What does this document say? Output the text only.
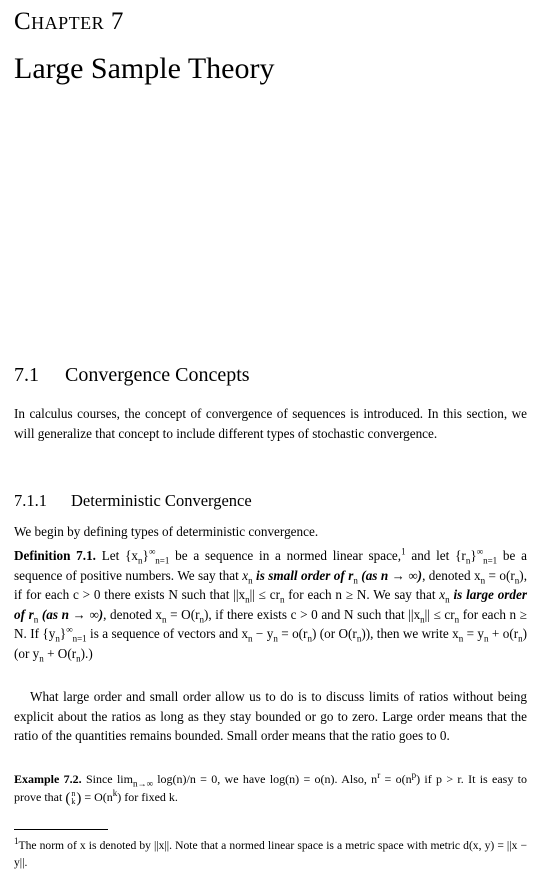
Chapter 7
Large Sample Theory
7.1 Convergence Concepts
In calculus courses, the concept of convergence of sequences is introduced. In this section, we will generalize that concept to include different types of stochastic convergence.
7.1.1 Deterministic Convergence
We begin by defining types of deterministic convergence.
Definition 7.1. Let $\{x_n\}^\infty_{n=1}$ be a sequence in a normed linear space,$^1$ and let $\{r_n\}^\infty_{n=1}$ be a sequence of positive numbers. We say that $x_n$ is small order of $r_n$ (as n → ∞), denoted $x_n = o(r_n)$, if for each c > 0 there exists N such that $||x_n|| \le cr_n$ for each n ≥ N. We say that $x_n$ is large order of $r_n$ (as n → ∞), denoted $x_n = O(r_n)$, if there exists c > 0 and N such that $||x_n|| \le cr_n$ for each n ≥ N. If $\{y_n\}^\infty_{n=1}$ is a sequence of vectors and $x_n - y_n = o(r_n)$ (or $O(r_n)$), then we write $x_n = y_n + o(r_n)$ (or $y_n + O(r_n)$.)
What large order and small order allow us to do is to discuss limits of ratios without being explicit about the ratios as long as they stay bounded or go to zero. Large order means that the ratio of the quantities remains bounded. Small order means that the ratio goes to 0.
Example 7.2. Since $\lim_{n\to\infty} \log(n)/n = 0$, we have log(n) = o(n). Also, $n^r = o(n^p)$ if p > r. It is easy to prove that ( n
k ) = $O(n^k)$ for fixed k.
$^1$The norm of x is denoted by ||x||. Note that a normed linear space is a metric space with metric d(x, y) = ||x − y||.
